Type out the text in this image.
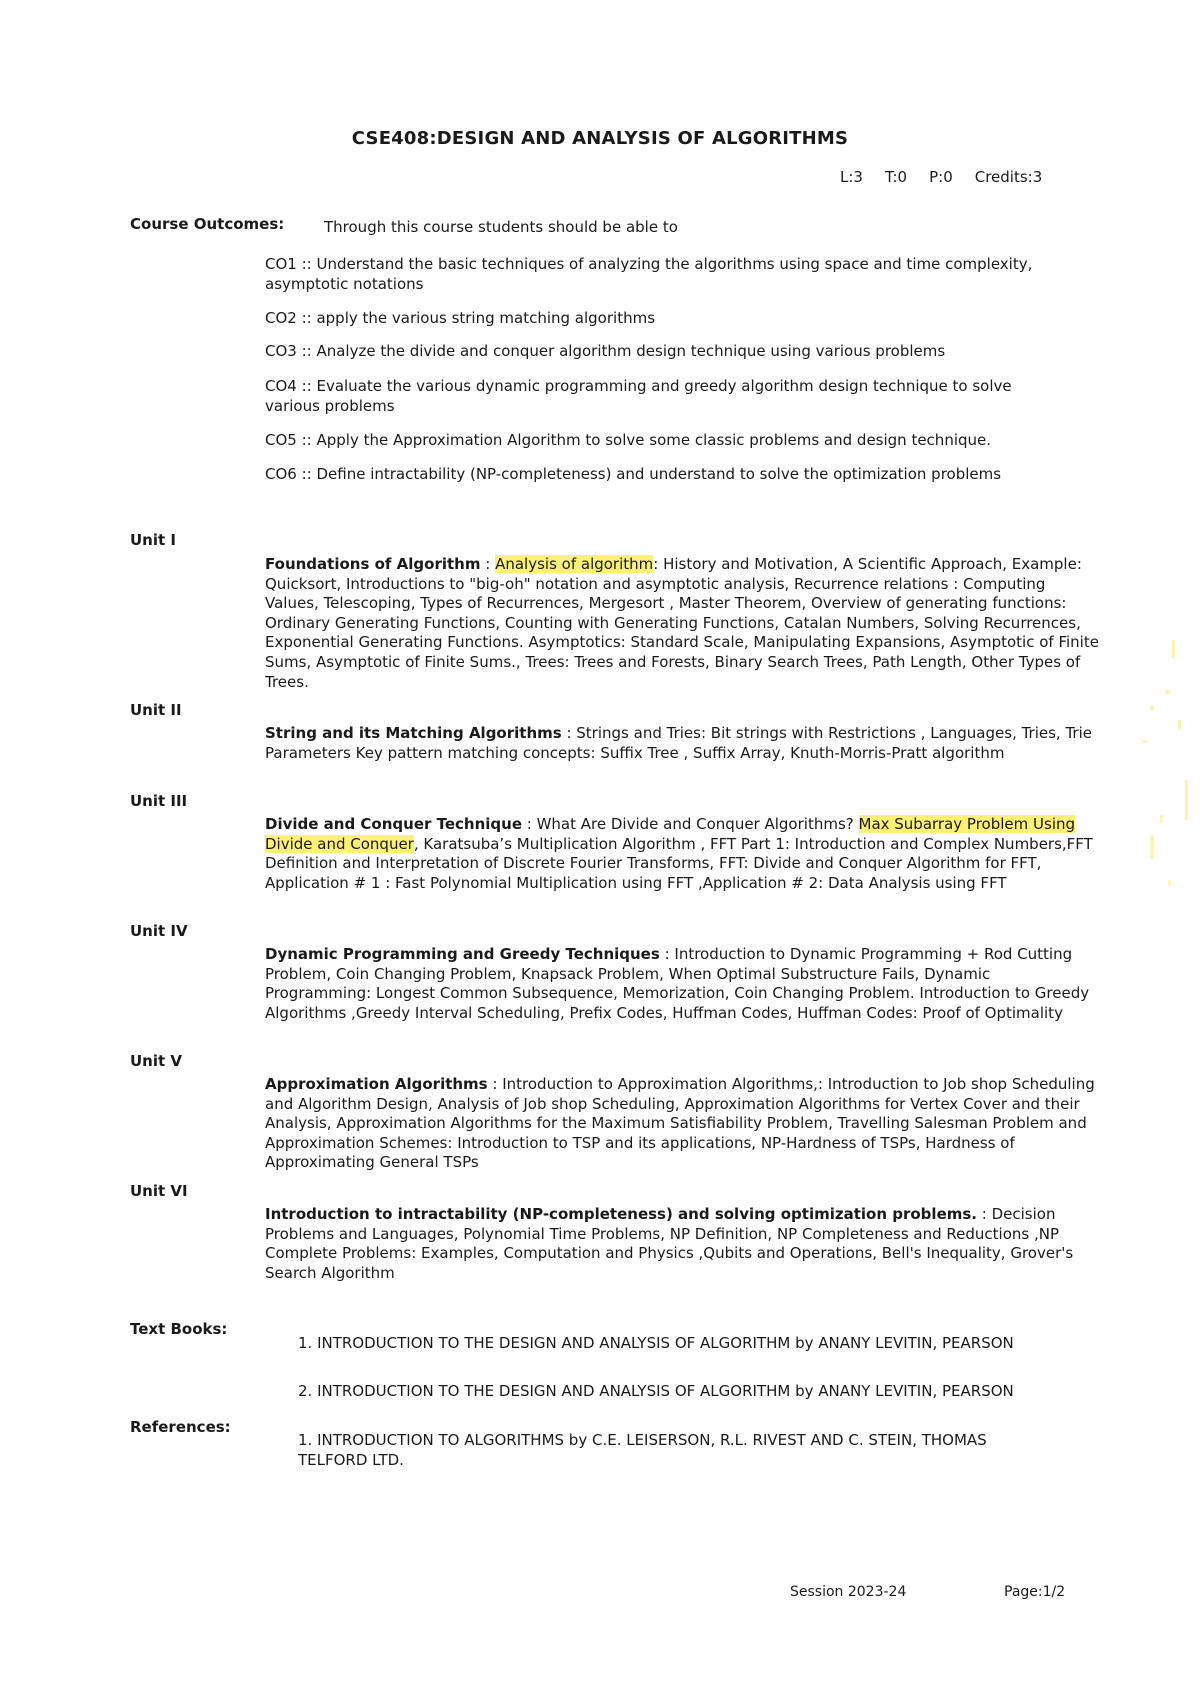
CSE408:DESIGN AND ANALYSIS OF ALGORITHMS
L:3 T:0 P:0 Credits:3
Course Outcomes:	Through this course students should be able to
CO1 :: Understand the basic techniques of analyzing the algorithms using space and time complexity, asymptotic notations
CO2 :: apply the various string matching algorithms
CO3 :: Analyze the divide and conquer algorithm design technique using various problems
CO4 :: Evaluate the various dynamic programming and greedy algorithm design technique to solve various problems
CO5 :: Apply the Approximation Algorithm to solve some classic problems and design technique.
CO6 :: Define intractability (NP-completeness) and understand to solve the optimization problems
Unit I
Foundations of Algorithm : Analysis of algorithm: History and Motivation, A Scientific Approach, Example: Quicksort, Introductions to "big-oh" notation and asymptotic analysis, Recurrence relations : Computing Values, Telescoping, Types of Recurrences, Mergesort , Master Theorem, Overview of generating functions: Ordinary Generating Functions, Counting with Generating Functions, Catalan Numbers, Solving Recurrences, Exponential Generating Functions. Asymptotics: Standard Scale, Manipulating Expansions, Asymptotic of Finite Sums, Asymptotic of Finite Sums., Trees: Trees and Forests, Binary Search Trees, Path Length, Other Types of Trees.
Unit II
String and its Matching Algorithms : Strings and Tries: Bit strings with Restrictions , Languages, Tries, Trie Parameters Key pattern matching concepts: Suffix Tree , Suffix Array, Knuth-Morris-Pratt algorithm
Unit III
Divide and Conquer Technique : What Are Divide and Conquer Algorithms? Max Subarray Problem Using Divide and Conquer, Karatsuba’s Multiplication Algorithm , FFT Part 1: Introduction and Complex Numbers,FFT Definition and Interpretation of Discrete Fourier Transforms, FFT: Divide and Conquer Algorithm for FFT, Application # 1 : Fast Polynomial Multiplication using FFT ,Application # 2: Data Analysis using FFT
Unit IV
Dynamic Programming and Greedy Techniques : Introduction to Dynamic Programming + Rod Cutting Problem, Coin Changing Problem, Knapsack Problem, When Optimal Substructure Fails, Dynamic Programming: Longest Common Subsequence, Memorization, Coin Changing Problem. Introduction to Greedy Algorithms ,Greedy Interval Scheduling, Prefix Codes, Huffman Codes, Huffman Codes: Proof of Optimality
Unit V
Approximation Algorithms : Introduction to Approximation Algorithms,: Introduction to Job shop Scheduling and Algorithm Design, Analysis of Job shop Scheduling, Approximation Algorithms for Vertex Cover and their Analysis, Approximation Algorithms for the Maximum Satisfiability Problem, Travelling Salesman Problem and Approximation Schemes: Introduction to TSP and its applications, NP-Hardness of TSPs, Hardness of Approximating General TSPs
Unit VI
Introduction to intractability (NP-completeness) and solving optimization problems. : Decision Problems and Languages, Polynomial Time Problems, NP Definition, NP Completeness and Reductions ,NP Complete Problems: Examples, Computation and Physics ,Qubits and Operations, Bell's Inequality, Grover's Search Algorithm
Text Books:
1. INTRODUCTION TO THE DESIGN AND ANALYSIS OF ALGORITHM by ANANY LEVITIN, PEARSON
2. INTRODUCTION TO THE DESIGN AND ANALYSIS OF ALGORITHM by ANANY LEVITIN, PEARSON
References:
1. INTRODUCTION TO ALGORITHMS by C.E. LEISERSON, R.L. RIVEST AND C. STEIN, THOMAS TELFORD LTD.
Session 2023-24	Page:1/2
